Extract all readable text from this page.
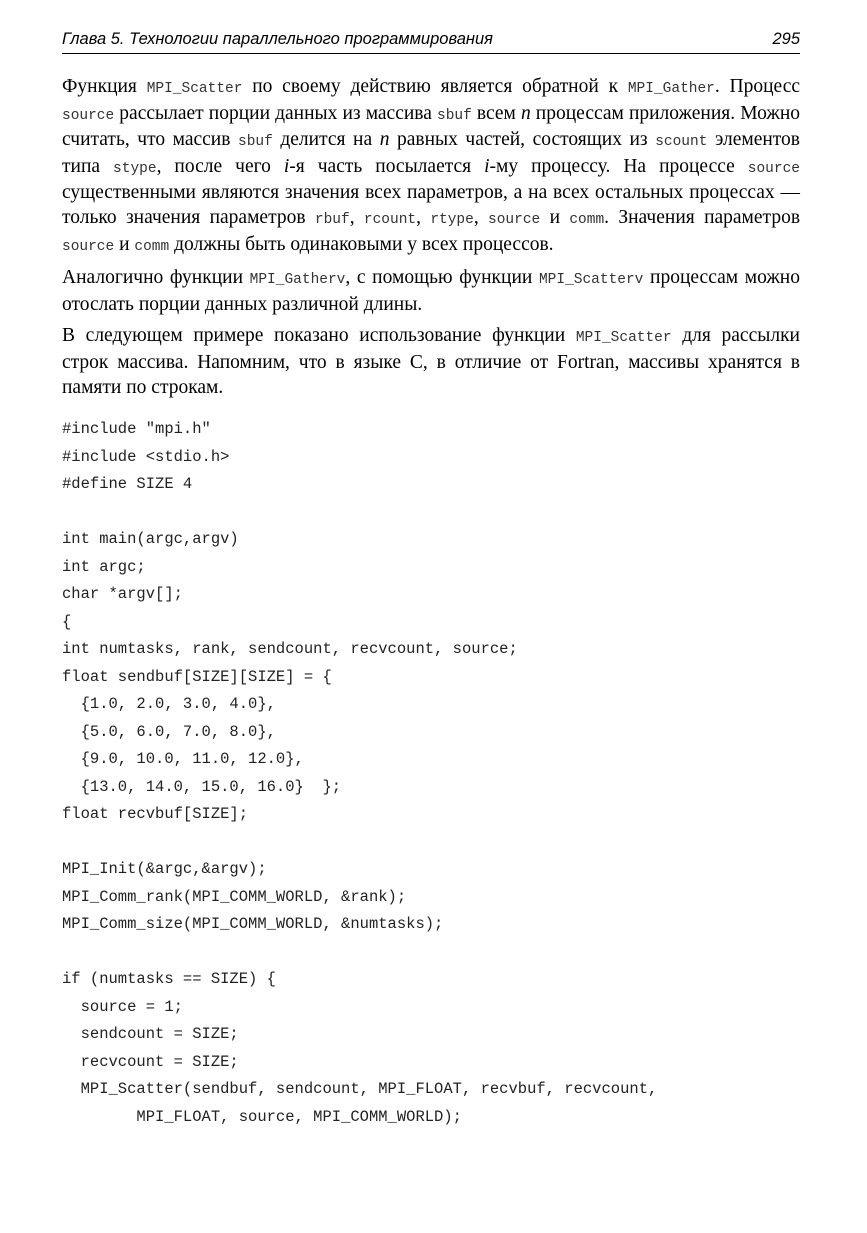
Глава 5. Технологии параллельного программирования	295

Функция MPI_Scatter по своему действию является обратной к MPI_Gather. Процесс source рассылает порции данных из массива sbuf всем n процессам приложения. Можно считать, что массив sbuf делится на n равных частей, состоящих из scount элементов типа stype, после чего i-я часть посылается i-му процессу. На процессе source существенными являются значения всех параметров, а на всех остальных процессах — только значения параметров rbuf, rcount, rtype, source и comm. Значения параметров source и comm должны быть одинаковыми у всех процессов.

Аналогично функции MPI_Gatherv, с помощью функции MPI_Scatterv процессам можно отослать порции данных различной длины.

В следующем примере показано использование функции MPI_Scatter для рассылки строк массива. Напомним, что в языке C, в отличие от Fortran, массивы хранятся в памяти по строкам.

#include "mpi.h"
#include <stdio.h>
#define SIZE 4
int main(argc,argv)
int argc;
char *argv[];
{
int numtasks, rank, sendcount, recvcount, source;
float sendbuf[SIZE][SIZE] = {
{1.0, 2.0, 3.0, 4.0},
{5.0, 6.0, 7.0, 8.0},
{9.0, 10.0, 11.0, 12.0},
{13.0, 14.0, 15.0, 16.0}  };
float recvbuf[SIZE];
MPI_Init(&argc,&argv);
MPI_Comm_rank(MPI_COMM_WORLD, &rank);
MPI_Comm_size(MPI_COMM_WORLD, &numtasks);
if (numtasks == SIZE) {
source = 1;
sendcount = SIZE;
recvcount = SIZE;
MPI_Scatter(sendbuf, sendcount, MPI_FLOAT, recvbuf, recvcount,
MPI_FLOAT, source, MPI_COMM_WORLD);
